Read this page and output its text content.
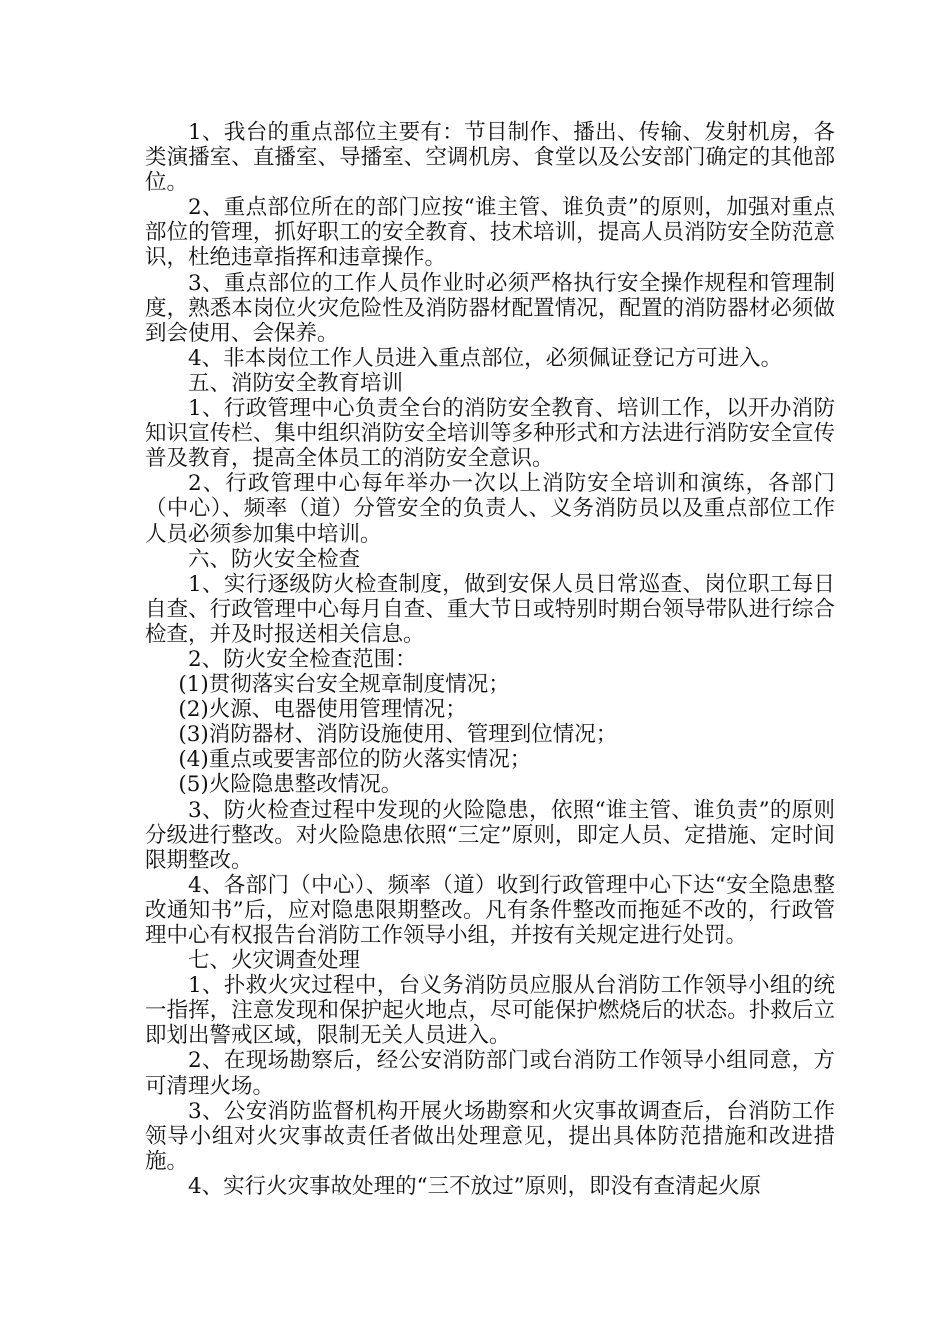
1、我台的重点部位主要有：节目制作、播出、传输、发射机房，各类演播室、直播室、导播室、空调机房、食堂以及公安部门确定的其他部位。

2、重点部位所在的部门应按“谁主管、谁负责”的原则，加强对重点部位的管理，抓好职工的安全教育、技术培训，提高人员消防安全防范意识，杜绝违章指挥和违章操作。

3、重点部位的工作人员作业时必须严格执行安全操作规程和管理制度，熟悉本岗位火灾危险性及消防器材配置情况，配置的消防器材必须做到会使用、会保养。

4、非本岗位工作人员进入重点部位，必须佩证登记方可进入。

五、消防安全教育培训

1、行政管理中心负责全台的消防安全教育、培训工作，以开办消防知识宣传栏、集中组织消防安全培训等多种形式和方法进行消防安全宣传普及教育，提高全体员工的消防安全意识。

2、行政管理中心每年举办一次以上消防安全培训和演练，各部门（中心）、频率（道）分管安全的负责人、义务消防员以及重点部位工作人员必须参加集中培训。

六、防火安全检查

1、实行逐级防火检查制度，做到安保人员日常巡查、岗位职工每日自查、行政管理中心每月自查、重大节日或特别时期台领导带队进行综合检查，并及时报送相关信息。

2、防火安全检查范围：

(1)贯彻落实台安全规章制度情况；

(2)火源、电器使用管理情况；

(3)消防器材、消防设施使用、管理到位情况；

(4)重点或要害部位的防火落实情况；

(5)火险隐患整改情况。

3、防火检查过程中发现的火险隐患，依照“谁主管、谁负责”的原则分级进行整改。对火险隐患依照“三定”原则，即定人员、定措施、定时间限期整改。

4、各部门（中心）、频率（道）收到行政管理中心下达“安全隐患整改通知书”后，应对隐患限期整改。凡有条件整改而拖延不改的，行政管理中心有权报告台消防工作领导小组，并按有关规定进行处罚。

七、火灾调查处理

1、扑救火灾过程中，台义务消防员应服从台消防工作领导小组的统一指挥，注意发现和保护起火地点，尽可能保护燃烧后的状态。扑救后立即划出警戒区域，限制无关人员进入。

2、在现场勘察后，经公安消防部门或台消防工作领导小组同意，方可清理火场。

3、公安消防监督机构开展火场勘察和火灾事故调查后，台消防工作领导小组对火灾事故责任者做出处理意见，提出具体防范措施和改进措施。

4、实行火灾事故处理的“三不放过”原则，即没有查清起火原
